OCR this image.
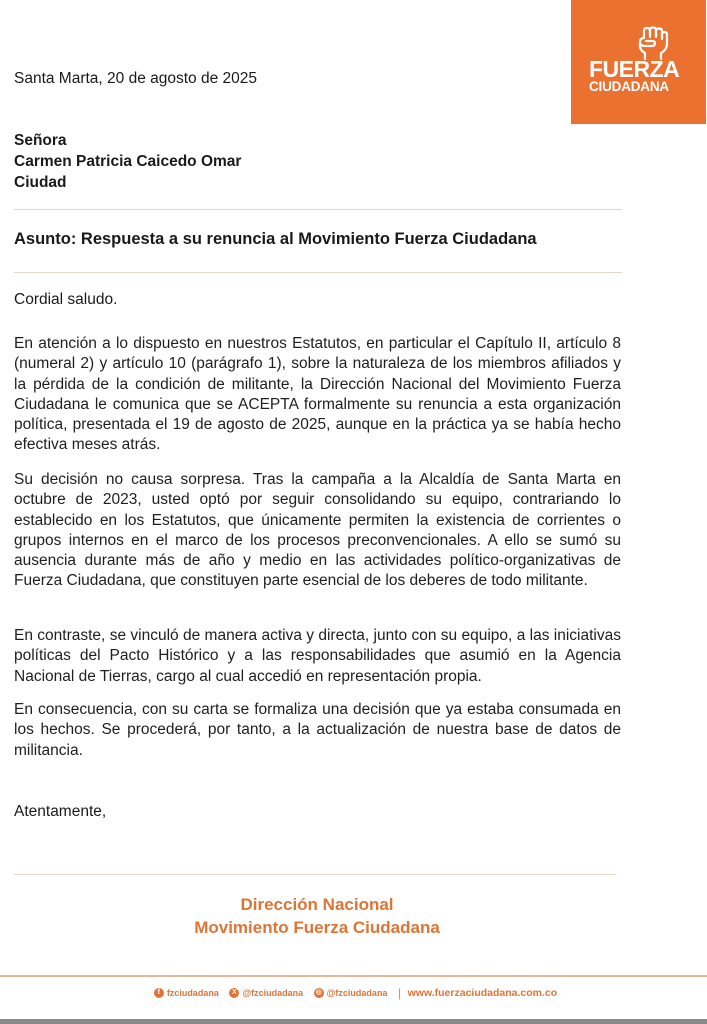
FUERZA
CIUDADANA
Santa Marta, 20 de agosto de 2025
Señora
Carmen Patricia Caicedo Omar
Ciudad
Asunto: Respuesta a su renuncia al Movimiento Fuerza Ciudadana
Cordial saludo.

En atención a lo dispuesto en nuestros Estatutos, en particular el Capítulo II, artículo 8 (numeral 2) y artículo 10 (parágrafo 1), sobre la naturaleza de los miembros afiliados y la pérdida de la condición de militante, la Dirección Nacional del Movimiento Fuerza Ciudadana le comunica que se ACEPTA formalmente su renuncia a esta organización política, presentada el 19 de agosto de 2025, aunque en la práctica ya se había hecho efectiva meses atrás.

Su decisión no causa sorpresa. Tras la campaña a la Alcaldía de Santa Marta en octubre de 2023, usted optó por seguir consolidando su equipo, contrariando lo establecido en los Estatutos, que únicamente permiten la existencia de corrientes o grupos internos en el marco de los procesos preconvencionales. A ello se sumó su ausencia durante más de año y medio en las actividades político-organizativas de Fuerza Ciudadana, que constituyen parte esencial de los deberes de todo militante.

En contraste, se vinculó de manera activa y directa, junto con su equipo, a las iniciativas políticas del Pacto Histórico y a las responsabilidades que asumió en la Agencia Nacional de Tierras, cargo al cual accedió en representación propia.

En consecuencia, con su carta se formaliza una decisión que ya estaba consumada en los hechos. Se procederá, por tanto, a la actualización de nuestra base de datos de militancia.

Atentamente,
Dirección Nacional
Movimiento Fuerza Ciudadana
f fzciudadana X @fzciudadana ◎ @fzciudadana | www.fuerzaciudadana.com.co
